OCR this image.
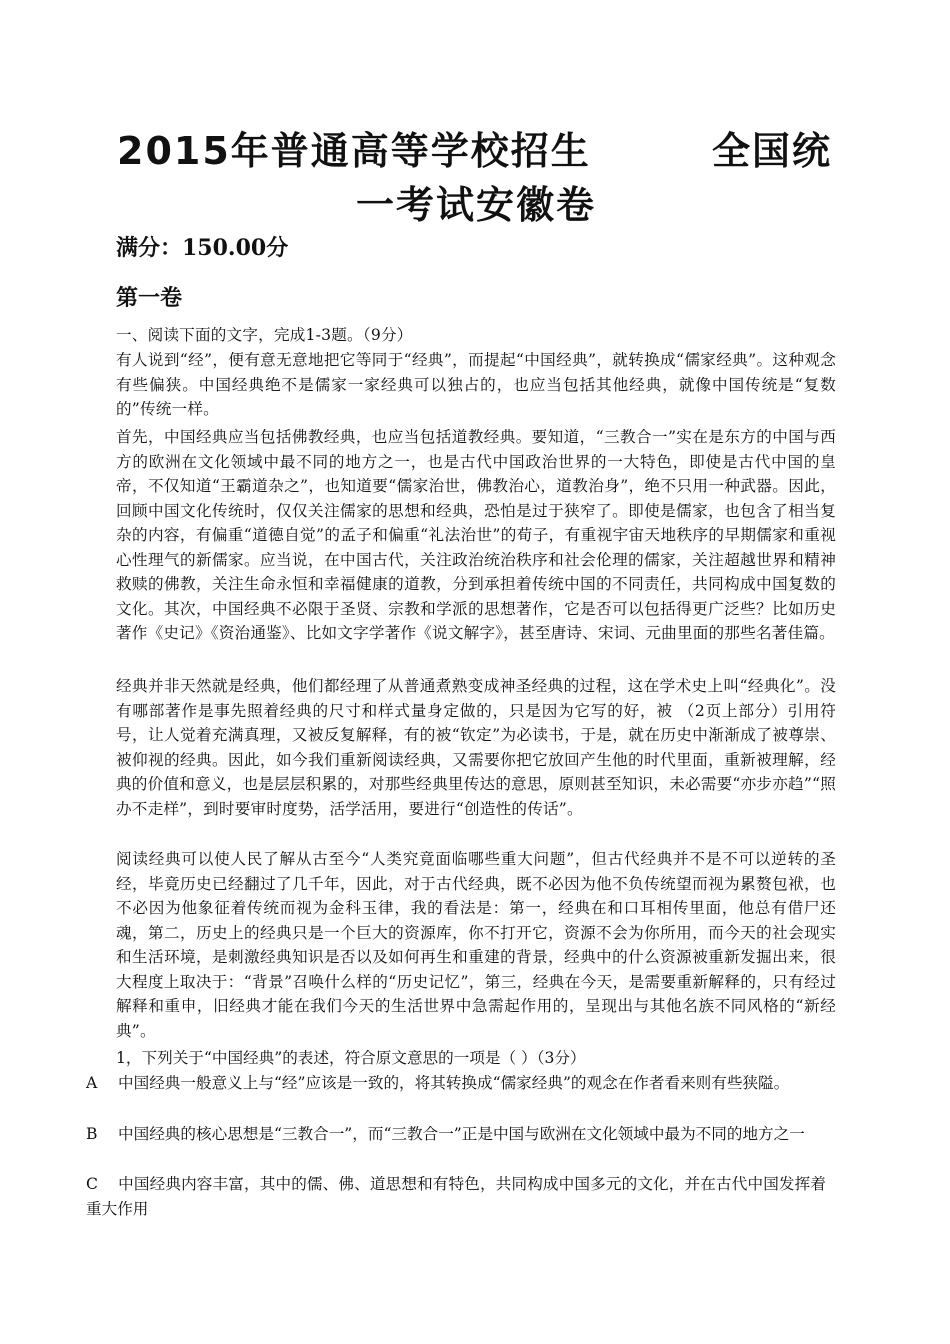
2015年普通高等学校招生	全国统
一考试安徽卷
满分：150.00分
第一卷
一、阅读下面的文字，完成1-3题。（9分）
有人说到“经”，便有意无意地把它等同于“经典”，而提起“中国经典”，就转换成“儒家经典”。这种观念有些偏狭。中国经典绝不是儒家一家经典可以独占的，也应当包括其他经典，就像中国传统是“复数的”传统一样。
首先，中国经典应当包括佛教经典，也应当包括道教经典。要知道，“三教合一”实在是东方的中国与西方的欧洲在文化领域中最不同的地方之一，也是古代中国政治世界的一大特色，即使是古代中国的皇帝，不仅知道“王霸道杂之”，也知道要“儒家治世，佛教治心，道教治身”，绝不只用一种武器。因此，回顾中国文化传统时，仅仅关注儒家的思想和经典，恐怕是过于狭窄了。即使是儒家，也包含了相当复杂的内容，有偏重“道德自觉”的孟子和偏重“礼法治世”的荀子，有重视宇宙天地秩序的早期儒家和重视心性理气的新儒家。应当说，在中国古代，关注政治统治秩序和社会伦理的儒家，关注超越世界和精神救赎的佛教，关注生命永恒和幸福健康的道教，分到承担着传统中国的不同责任，共同构成中国复数的文化。其次，中国经典不必限于圣贤、宗教和学派的思想著作，它是否可以包括得更广泛些？比如历史著作《史记》《资治通鉴》、比如文字学著作《说文解字》，甚至唐诗、宋词、元曲里面的那些名著佳篇。
经典并非天然就是经典，他们都经理了从普通煮熟变成神圣经典的过程，这在学术史上叫“经典化”。没有哪部著作是事先照着经典的尺寸和样式量身定做的，只是因为它写的好，被 （2页上部分）引用符号，让人觉着充满真理，又被反复解释，有的被“钦定”为必读书，于是，就在历史中渐渐成了被尊崇、被仰视的经典。因此，如今我们重新阅读经典，又需要你把它放回产生他的时代里面，重新被理解，经典的价值和意义，也是层层积累的，对那些经典里传达的意思，原则甚至知识，未必需要“亦步亦趋”“照办不走样”，到时要审时度势，活学活用，要进行“创造性的传话”。
阅读经典可以使人民了解从古至今“人类究竟面临哪些重大问题”，但古代经典并不是不可以逆转的圣经，毕竟历史已经翻过了几千年，因此，对于古代经典，既不必因为他不负传统望而视为累赘包袱，也不必因为他象征着传统而视为金科玉律，我的看法是：第一，经典在和口耳相传里面，他总有借尸还魂，第二，历史上的经典只是一个巨大的资源库，你不打开它，资源不会为你所用，而今天的社会现实和生活环境，是刺激经典知识是否以及如何再生和重建的背景，经典中的什么资源被重新发掘出来，很大程度上取决于：“背景”召唤什么样的“历史记忆”，第三，经典在今天，是需要重新解释的，只有经过解释和重申，旧经典才能在我们今天的生活世界中急需起作用的，呈现出与其他名族不同风格的“新经典”。
1，下列关于“中国经典”的表述，符合原文意思的一项是（ ）（3分）
A 中国经典一般意义上与“经”应该是一致的，将其转换成“儒家经典”的观念在作者看来则有些狭隘。
B 中国经典的核心思想是“三教合一”，而“三教合一”正是中国与欧洲在文化领域中最为不同的地方之一
C 中国经典内容丰富，其中的儒、佛、道思想和有特色，共同构成中国多元的文化，并在古代中国发挥着重大作用
